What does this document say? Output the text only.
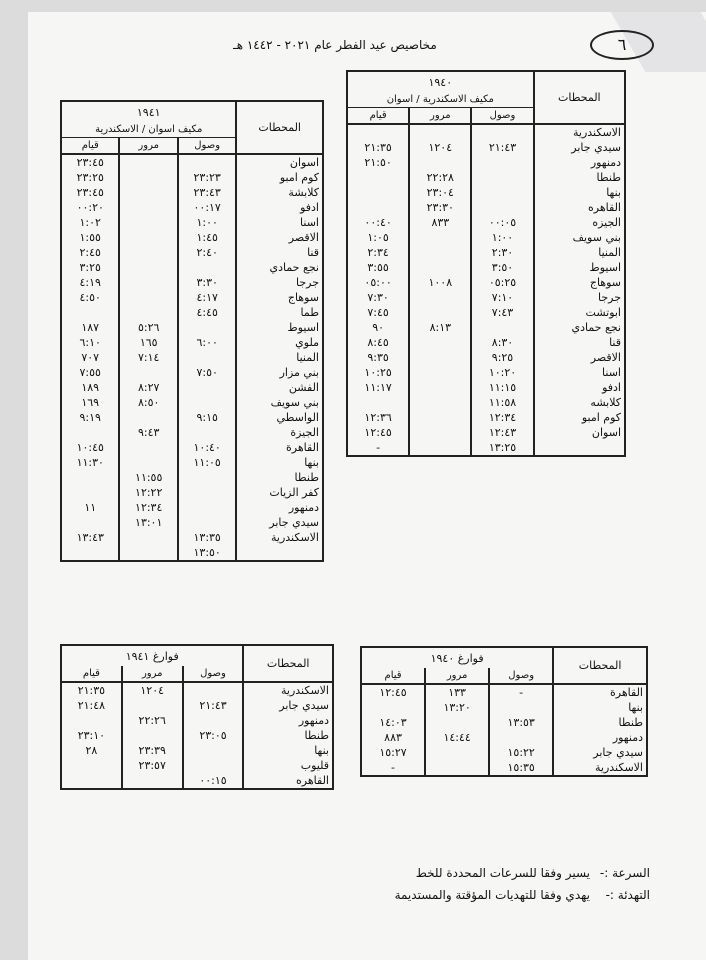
مخاصيص عيد الفطر عام ٢٠٢١ - ١٤٤٢ هـ	٦
المحطات	١٩٤٠		
	مكيف الاسكندرية / اسوان		
	وصول	مرور	قيام
الاسكندرية			
سيدي جابر	٢١:٤٣	١٢٠٤	٢١:٣٥
دمنهور			٢١:٥٠
طنطا		٢٢:٢٨	
بنها		٢٣:٠٤	
القاهره		٢٣:٣٠	
الجيزه	٠٠:٠٥	٨٣٣	٠٠:٤٠
بني سويف	١:٠٠		١:٠٥
المنيا	٢:٣٠		٢:٣٤
اسيوط	٣:٥٠		٣:٥٥
سوهاج	٠٥:٢٥	١٠٠٨	٠٥:٠٠
جرجا	٧:١٠		٧:٣٠
ابوتشت	٧:٤٣		٧:٤٥
نجع حمادي		٨:١٣	٩٠
قنا	٨:٣٠		٨:٤٥
الاقصر	٩:٢٥		٩:٣٥
اسنا	١٠:٢٠		١٠:٢٥
ادفو	١١:١٥		١١:١٧
كلابشه	١١:٥٨		
كوم امبو	١٢:٣٤		١٢:٣٦
اسوان	١٢:٤٣		١٢:٤٥
	١٣:٢٥		-
المحطات	١٩٤١		
	مكيف اسوان / الاسكندرية		
	وصول	مرور	قيام
اسوان			٢٣:٤٥
كوم امبو	٢٣:٢٣		٢٣:٢٥
كلابشة	٢٣:٤٣		٢٣:٤٥
ادفو	٠٠:١٧		٠٠:٢٠
اسنا	١:٠٠		١:٠٢
الاقصر	١:٤٥		١:٥٥
قنا	٢:٤٠		٢:٤٥
نجع حمادي			٣:٢٥
جرجا	٣:٣٠		٤:١٩
سوهاج	٤:١٧		٤:٥٠
طما	٤:٤٥		
اسيوط		٥:٢٦	١٨٧
ملوي	٦:٠٠	١٦٥	٦:١٠
المنيا		٧:١٤	٧٠٧
بني مزار	٧:٥٠		٧:٥٥
الفشن		٨:٢٧	١٨٩
بني سويف		٨:٥٠	١٦٩
الواسطي	٩:١٥		٩:١٩
الجيزة		٩:٤٣	
القاهرة	١٠:٤٠		١٠:٤٥
بنها	١١:٠٥		١١:٣٠
طنطا		١١:٥٥	
كفر الزيات		١٢:٢٢	
دمنهور		١٢:٣٤	١١
سيدي جابر		١٣:٠١	
الاسكندرية	١٣:٣٥		١٣:٤٣
	١٣:٥٠		
المحطات	فوارغ ١٩٤٠		
	وصول	مرور	قيام
القاهرة	-	١٣٣	١٢:٤٥
بنها		١٣:٢٠	
طنطا	١٣:٥٣		١٤:٠٣
دمنهور		١٤:٤٤	٨٨٣
سيدي جابر	١٥:٢٢		١٥:٢٧
الاسكندرية	١٥:٣٥		-
المحطات	فوارغ ١٩٤١		
	وصول	مرور	قيام
الاسكندرية		١٢٠٤	٢١:٣٥
سيدي جابر	٢١:٤٣		٢١:٤٨
دمنهور		٢٢:٢٦	
طنطا	٢٣:٠٥		٢٣:١٠
بنها		٢٣:٣٩	٢٨
قليوب		٢٣:٥٧	
القاهره	٠٠:١٥		
السرعة :-
يسير وفقا للسرعات المحددة للخط
التهدئة :-
يهدي وفقا للتهديات المؤقتة والمستديمة
